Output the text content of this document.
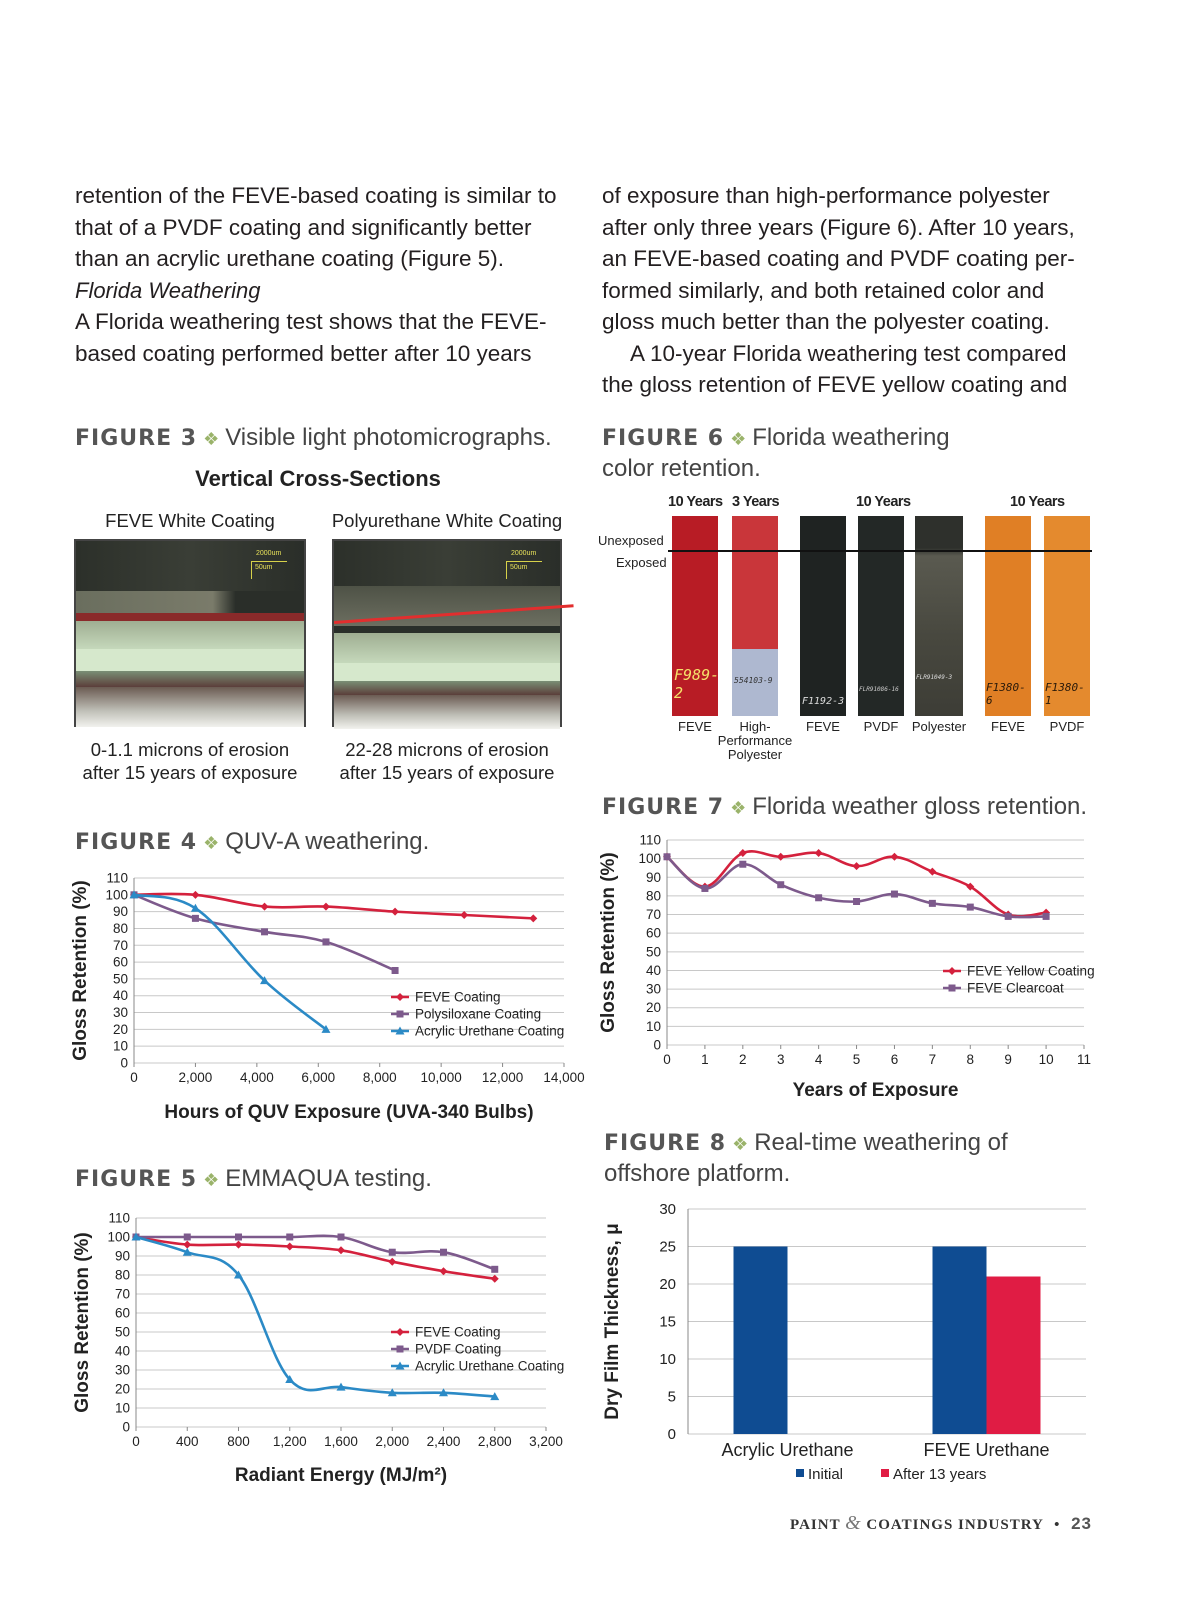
retention of the FEVE-based coating is similar to

that of a PVDF coating and significantly better

than an acrylic urethane coating (Figure 5).

Florida Weathering

A Florida weathering test shows that the FEVE-

based coating performed better after 10 years

of exposure than high-performance polyester

after only three years (Figure 6). After 10 years,

an FEVE-based coating and PVDF coating per-

formed similarly, and both retained color and

gloss much better than the polyester coating.

A 10-year Florida weathering test compared

the gloss retention of FEVE yellow coating and

FIGURE 3 ❖ Visible light photomicrographs.
Vertical Cross-Sections
FEVE White Coating	Polyurethane White Coating
2000um
50um
2000um
50um
0-1.1 microns of erosion
after 15 years of exposure
22-28 microns of erosion
after 15 years of exposure
FIGURE 6 ❖ Florida weathering
color retention.
10 Years 3 Years	10 Years	10 Years
Unexposed
Exposed
F989-2
554103-9
F1192-3
FLR91086-16
FLR91049-3
F1380-6
F1380-1
FEVE	High-
Performance
Polyester
FEVE	PVDF	Polyester	FEVE	PVDF
FIGURE 7 ❖ Florida weather gloss retention.
0
10
20
30
40
50
60
70
80
90
100
110
0 1 2 3 4 5 6 7 8 9 10 11
FEVE Yellow Coating
FEVE Clearcoat
Years of Exposure
Gloss Retention (%)
FIGURE 4 ❖ QUV-A weathering.
0
10
20
30
40
50
60
70
80
90
100
110
0	2,000 4,000 6,000 8,000 10,000 12,000 14,000
FEVE Coating
Polysiloxane Coating
Acrylic Urethane Coating
Hours of QUV Exposure (UVA-340 Bulbs)
Gloss Retention (%)
FIGURE 8 ❖ Real-time weathering of
offshore platform.
0
5
10
15
20
25
30
Acrylic Urethane	FEVE Urethane
Initial	After 13 years
Dry Film Thickness, μ
FIGURE 5 ❖ EMMAQUA testing.
0
10
20
30
40
50
60
70
80
90
100
110
0	400 800 1,200 1,600 2,000 2,400 2,800 3,200
FEVE Coating
PVDF Coating
Acrylic Urethane Coating
Radiant Energy (MJ/m²)
Gloss Retention (%)
PAINT & COATINGS INDUSTRY • 23
